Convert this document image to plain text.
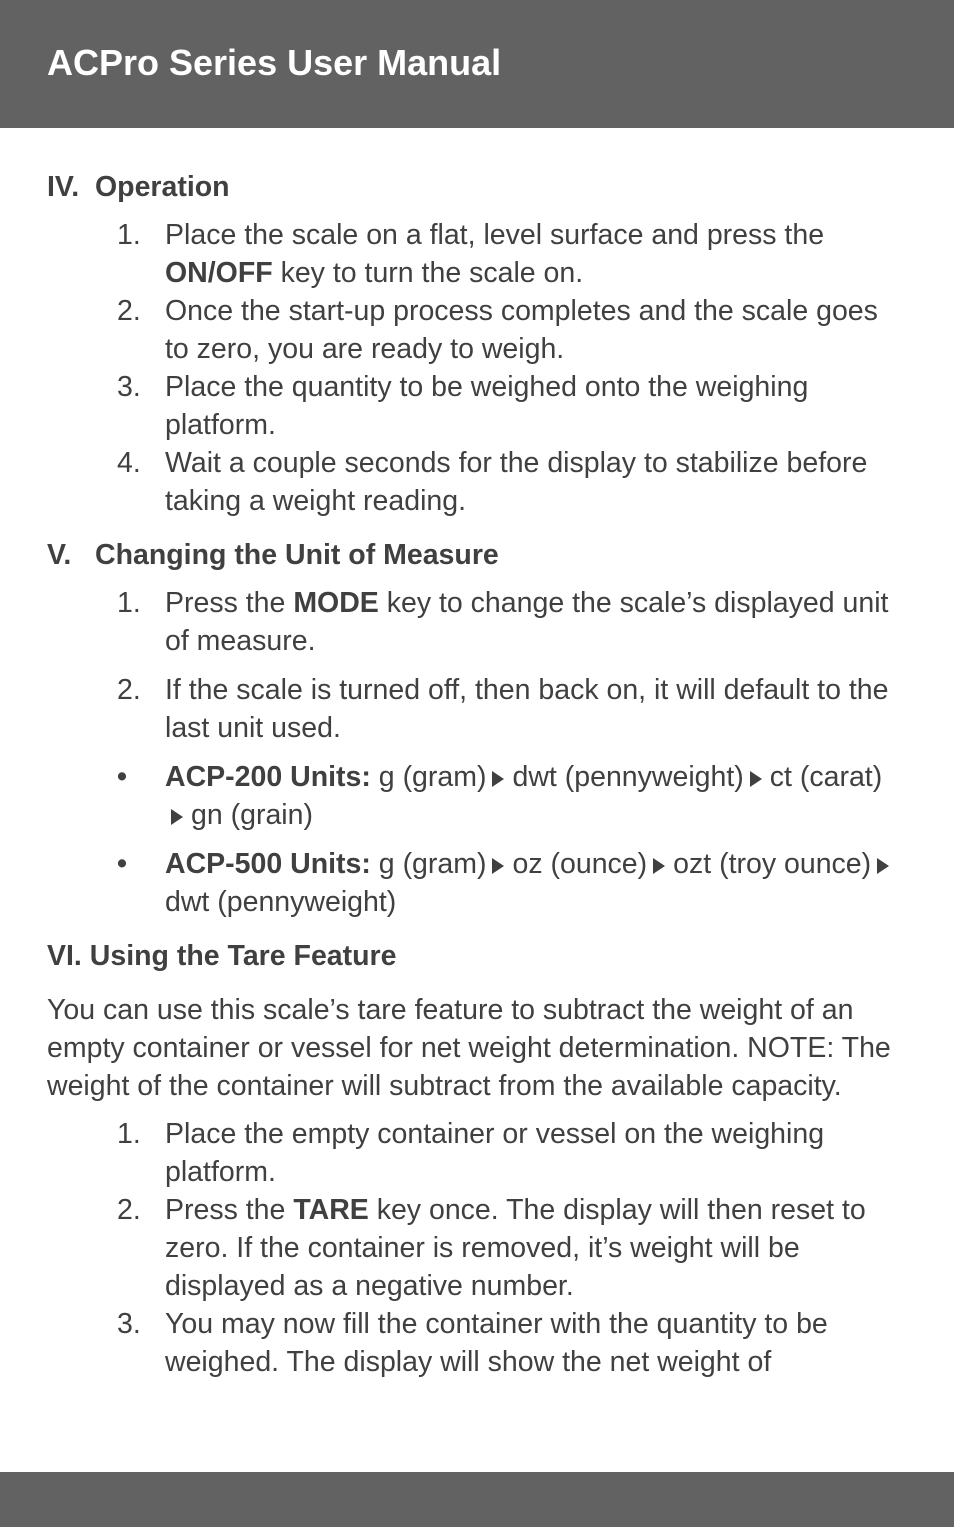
ACPro Series User Manual
IV. Operation
1. Place the scale on a flat, level surface and press the ON/OFF key to turn the scale on.
2. Once the start-up process completes and the scale goes to zero, you are ready to weigh.
3. Place the quantity to be weighed onto the weighing platform.
4. Wait a couple seconds for the display to stabilize before taking a weight reading.
V. Changing the Unit of Measure
1. Press the MODE key to change the scale’s displayed unit of measure.
2. If the scale is turned off, then back on, it will default to the last unit used.
•	ACP-200 Units: g (gram) dwt (pennyweight) ct (carat)gn (grain)
•	ACP-500 Units: g (gram) oz (ounce) ozt (troy ounce)dwt (pennyweight)
VI.
Using the Tare Feature

You can use this scale’s tare feature to subtract the weight of an empty container or vessel for net weight determination. NOTE: The weight of the container will subtract from the available capacity.

1. Place the empty container or vessel on the weighing platform.
2. Press the TARE key once. The display will then reset to zero. If the container is removed, it’s weight will be displayed as a negative number.
3. You may now fill the container with the quantity to be weighed. The display will show the net weight of
